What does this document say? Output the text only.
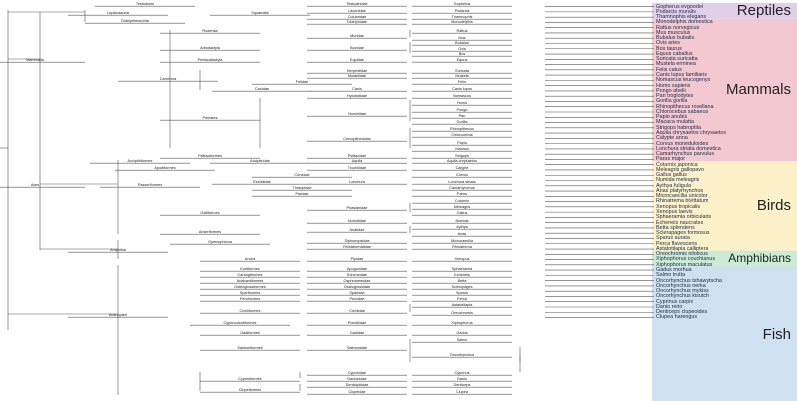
Reptiles
Mammals
Birds
Amphibians
Fish
Gopherus evgoodei
Podarcis muralis
Thamnophis elegans
Monodelphis domestica
Rattus norvegicus
Mus musculus
Bubalus bubalis
Ovis aries
Bos taurus
Equus caballus
Suricata suricatta
Mustela erminea
Felis catus
Canis lupus familiaris
Nomascus leucogenys
Homo sapiens
Pongo abelii
Pan troglodytes
Gorilla gorilla
Rhinopithecus roxellana
Chlorocebus sabaeus
Papio anubis
Macaca mulatta
Strigops habroptila
Aquila chrysaetos chrysaetos
Calypte anna
Corvus moneduloides
Lonchura striata domestica
Camarhynchus parvulus
Parus major
Coturnix japonica
Meleagris gallopavo
Gallus gallus
Numida meleagris
Aythya fuligula
Anas platyrhynchos
Microcaecilia unicolor
Rhinatrema bivittatum
Xenopus tropicalis
Xenopus laevis
Sphaeramia orbicularis
Echeneis naucrates
Betta splendens
Sclerapages formosus
Sparus aurata
Perca flavescens
Astatotilapia calliptera
Oreochromis niloticus
Xiphophorus couchianus
Xiphophorus maculatus
Gadus morhua
Salmo trutta
Oncorhynchus tshawytscha
Oncorhynchus nerka
Oncorhynchus mykiss
Oncorhynchus kisutch
Cyprinus carpio
Danio rerio
Denticeps clupeoides
Clupea harengus
Testudines
Lepidosauria	Squamata
Didelphimorphia
Testudinidae
Lacertidae
Colubridae
Didelphidae
Gopherus
Podarcis
Thamnophis
Monodelphis
Mammalia
Rodentia
Muridae
Rattus
Mus
Artiodactyla	Bovidae
Bubalus
Ovis
Bos
Perissodactyla	Equidae	Equus
Carnivora
Herpestidae
Mustelidae
Felidae
Canidae	Canis
Suricata
Mustela
Felis
Canis lupus
Primates
Hylobatidae	Nomascus
Hominidae
Homo
Pongo
Pan
Gorilla
Cercopithecidae
Rhinopithecus
Chlorocebus
Papio
Macaca
Psittaciformes	Psittacidae	Strigops
Accipitriformes	Accipitridae	Aquila	Aquila chrysaetos
Apodiformes	Trochilidae	Calypte
Corvidae	Corvus
Aves	Passeriformes
Estrildidae	Lonchura	Lonchura striata
Thraupidae	Camarhynchus
Paridae	Parus
Coturnix
Phasianidae	Meleagris
Gallus
Galliformes
Numididae	Numida
Anseriformes	Anatidae
Aythya
Anas
Gymnophiona	Siphonopsidae	Microcaecilia
Rhinatrematidae	Rhinatrema
Amphibia
Anura	Pipidae	Xenopus
Kurtiformes	Apogonidae	Sphaeramia
Carangiformes	Echeneidae	Echeneis
Anabantiformes	Osphronemidae	Betta
Osteoglossiformes	Osteoglossidae	Scleropages
Spariformes	Sparidae	Sparus
Perciformes	Percidae	Perca
Cichliformes	Cichlidae
Astatotilapia
Oreochromis
Cyprinodontiformes	Poeciliidae	Xiphophorus
Gadiformes	Gadidae	Gadus
Salmo
Salmoniformes	Salmonidae
Oncorhynchus
Actinopteri
Cypriniformes
Cyprinidae	Cyprinus
Danionidae	Danio
Clupeiformes
Denticipitidae	Denticeps
Clupeidae	Clupea
